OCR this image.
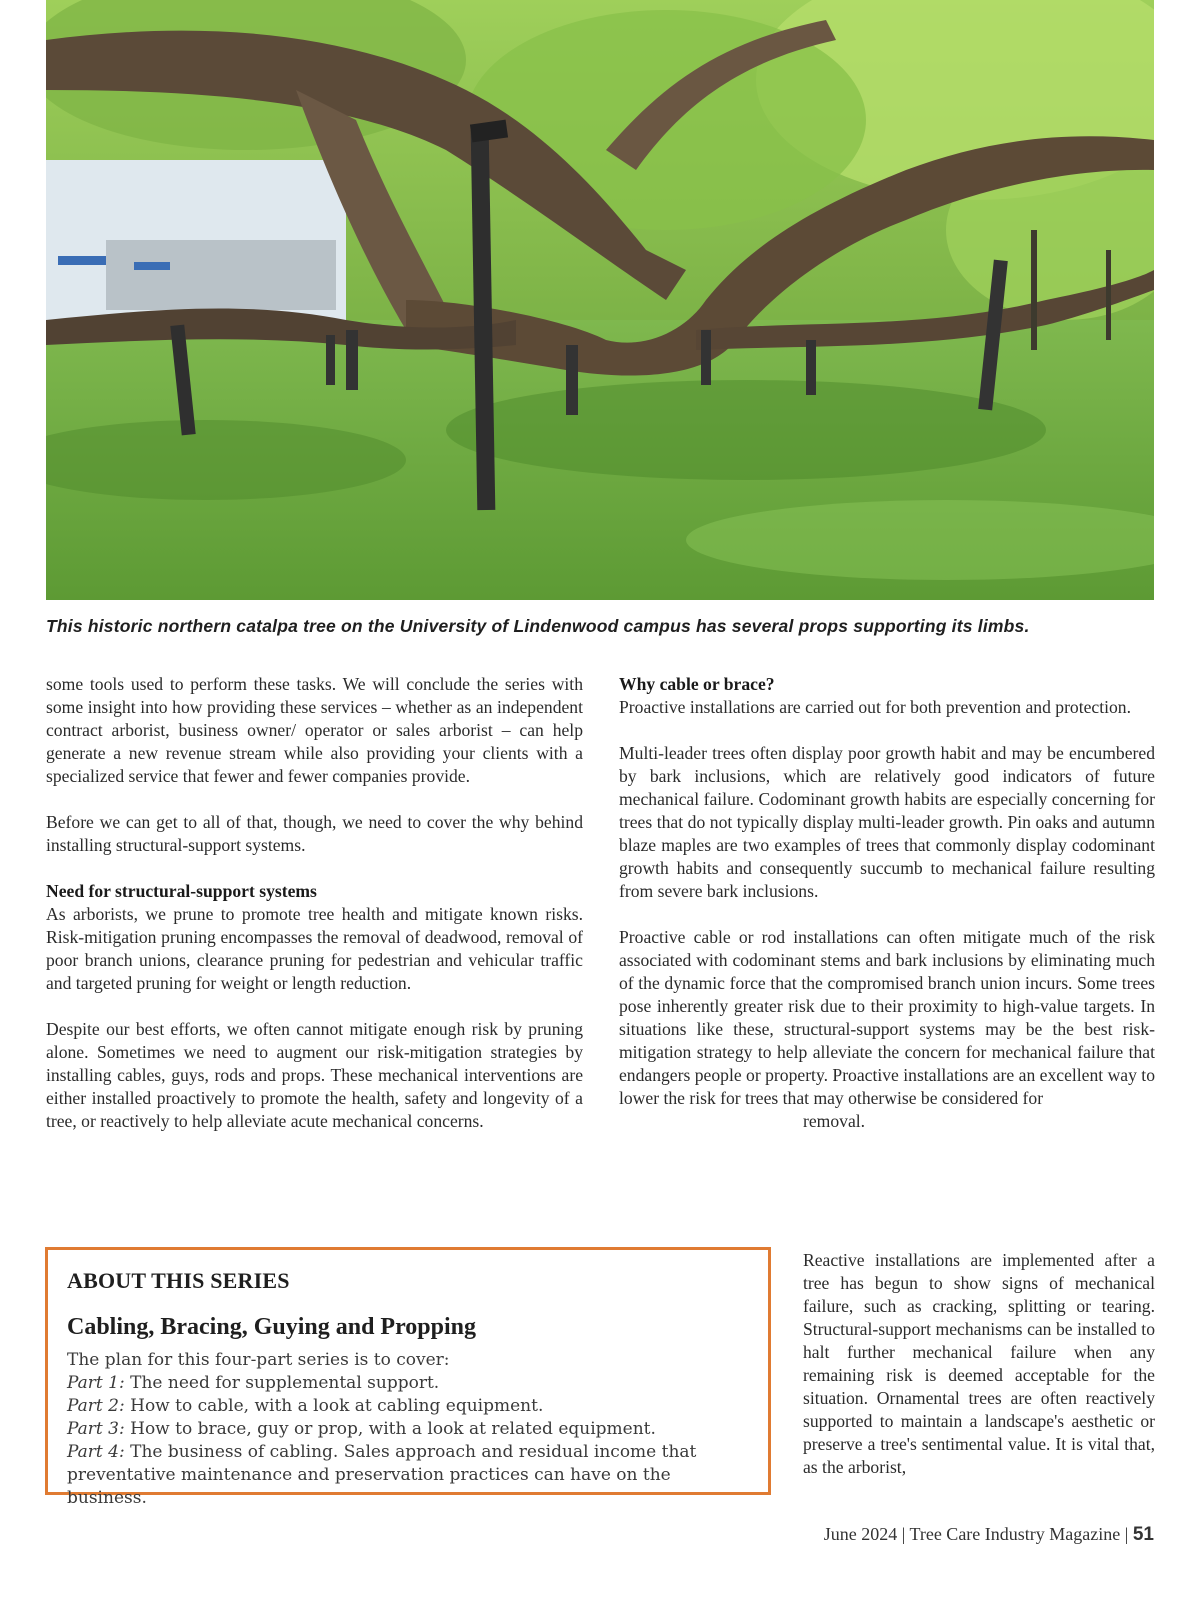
This historic northern catalpa tree on the University of Lindenwood campus has several props supporting its limbs.

some tools used to perform these tasks. We will conclude the series with some insight into how providing these services – whether as an independent contract arborist, business owner/ operator or sales arborist – can help generate a new revenue stream while also providing your clients with a specialized service that fewer and fewer companies provide.

Before we can get to all of that, though, we need to cover the why behind installing structural-support systems.

Need for structural-support systems
As arborists, we prune to promote tree health and mitigate known risks. Risk-mitigation pruning encompasses the removal of deadwood, removal of poor branch unions, clearance pruning for pedestrian and vehicular traffic and targeted pruning for weight or length reduction.

Despite our best efforts, we often cannot mitigate enough risk by pruning alone. Sometimes we need to augment our risk-mitigation strategies by installing cables, guys, rods and props. These mechanical interventions are either installed proactively to promote the health, safety and longevity of a tree, or reactively to help alleviate acute mechanical concerns.

Why cable or brace?
Proactive installations are carried out for both prevention and protection.

Multi-leader trees often display poor growth habit and may be encumbered by bark inclusions, which are relatively good indicators of future mechanical failure. Codominant growth habits are especially concerning for trees that do not typically display multi-leader growth. Pin oaks and autumn blaze maples are two examples of trees that commonly display codominant growth habits and consequently succumb to mechanical failure resulting from severe bark inclusions.

Proactive cable or rod installations can often mitigate much of the risk associated with codominant stems and bark inclusions by eliminating much of the dynamic force that the compromised branch union incurs. Some trees pose inherently greater risk due to their proximity to high-value targets. In situations like these, structural-support systems may be the best risk-mitigation strategy to help alleviate the concern for mechanical failure that endangers people or property. Proactive installations are an excellent way to lower the risk for trees that may otherwise be considered for

removal.

Reactive installations are implemented after a tree has begun to show signs of mechanical failure, such as cracking, splitting or tearing. Structural-support mechanisms can be installed to halt further mechanical failure when any remaining risk is deemed acceptable for the situation. Ornamental trees are often reactively supported to maintain a landscape's aesthetic or preserve a tree's sentimental value. It is vital that, as the arborist,

ABOUT THIS SERIES
Cabling, Bracing, Guying and Propping
The plan for this four-part series is to cover:
Part 1: The need for supplemental support.
Part 2: How to cable, with a look at cabling equipment.
Part 3: How to brace, guy or prop, with a look at related equipment.
Part 4: The business of cabling. Sales approach and residual income that preventative maintenance and preservation practices can have on the business.
June 2024 | Tree Care Industry Magazine | 51
